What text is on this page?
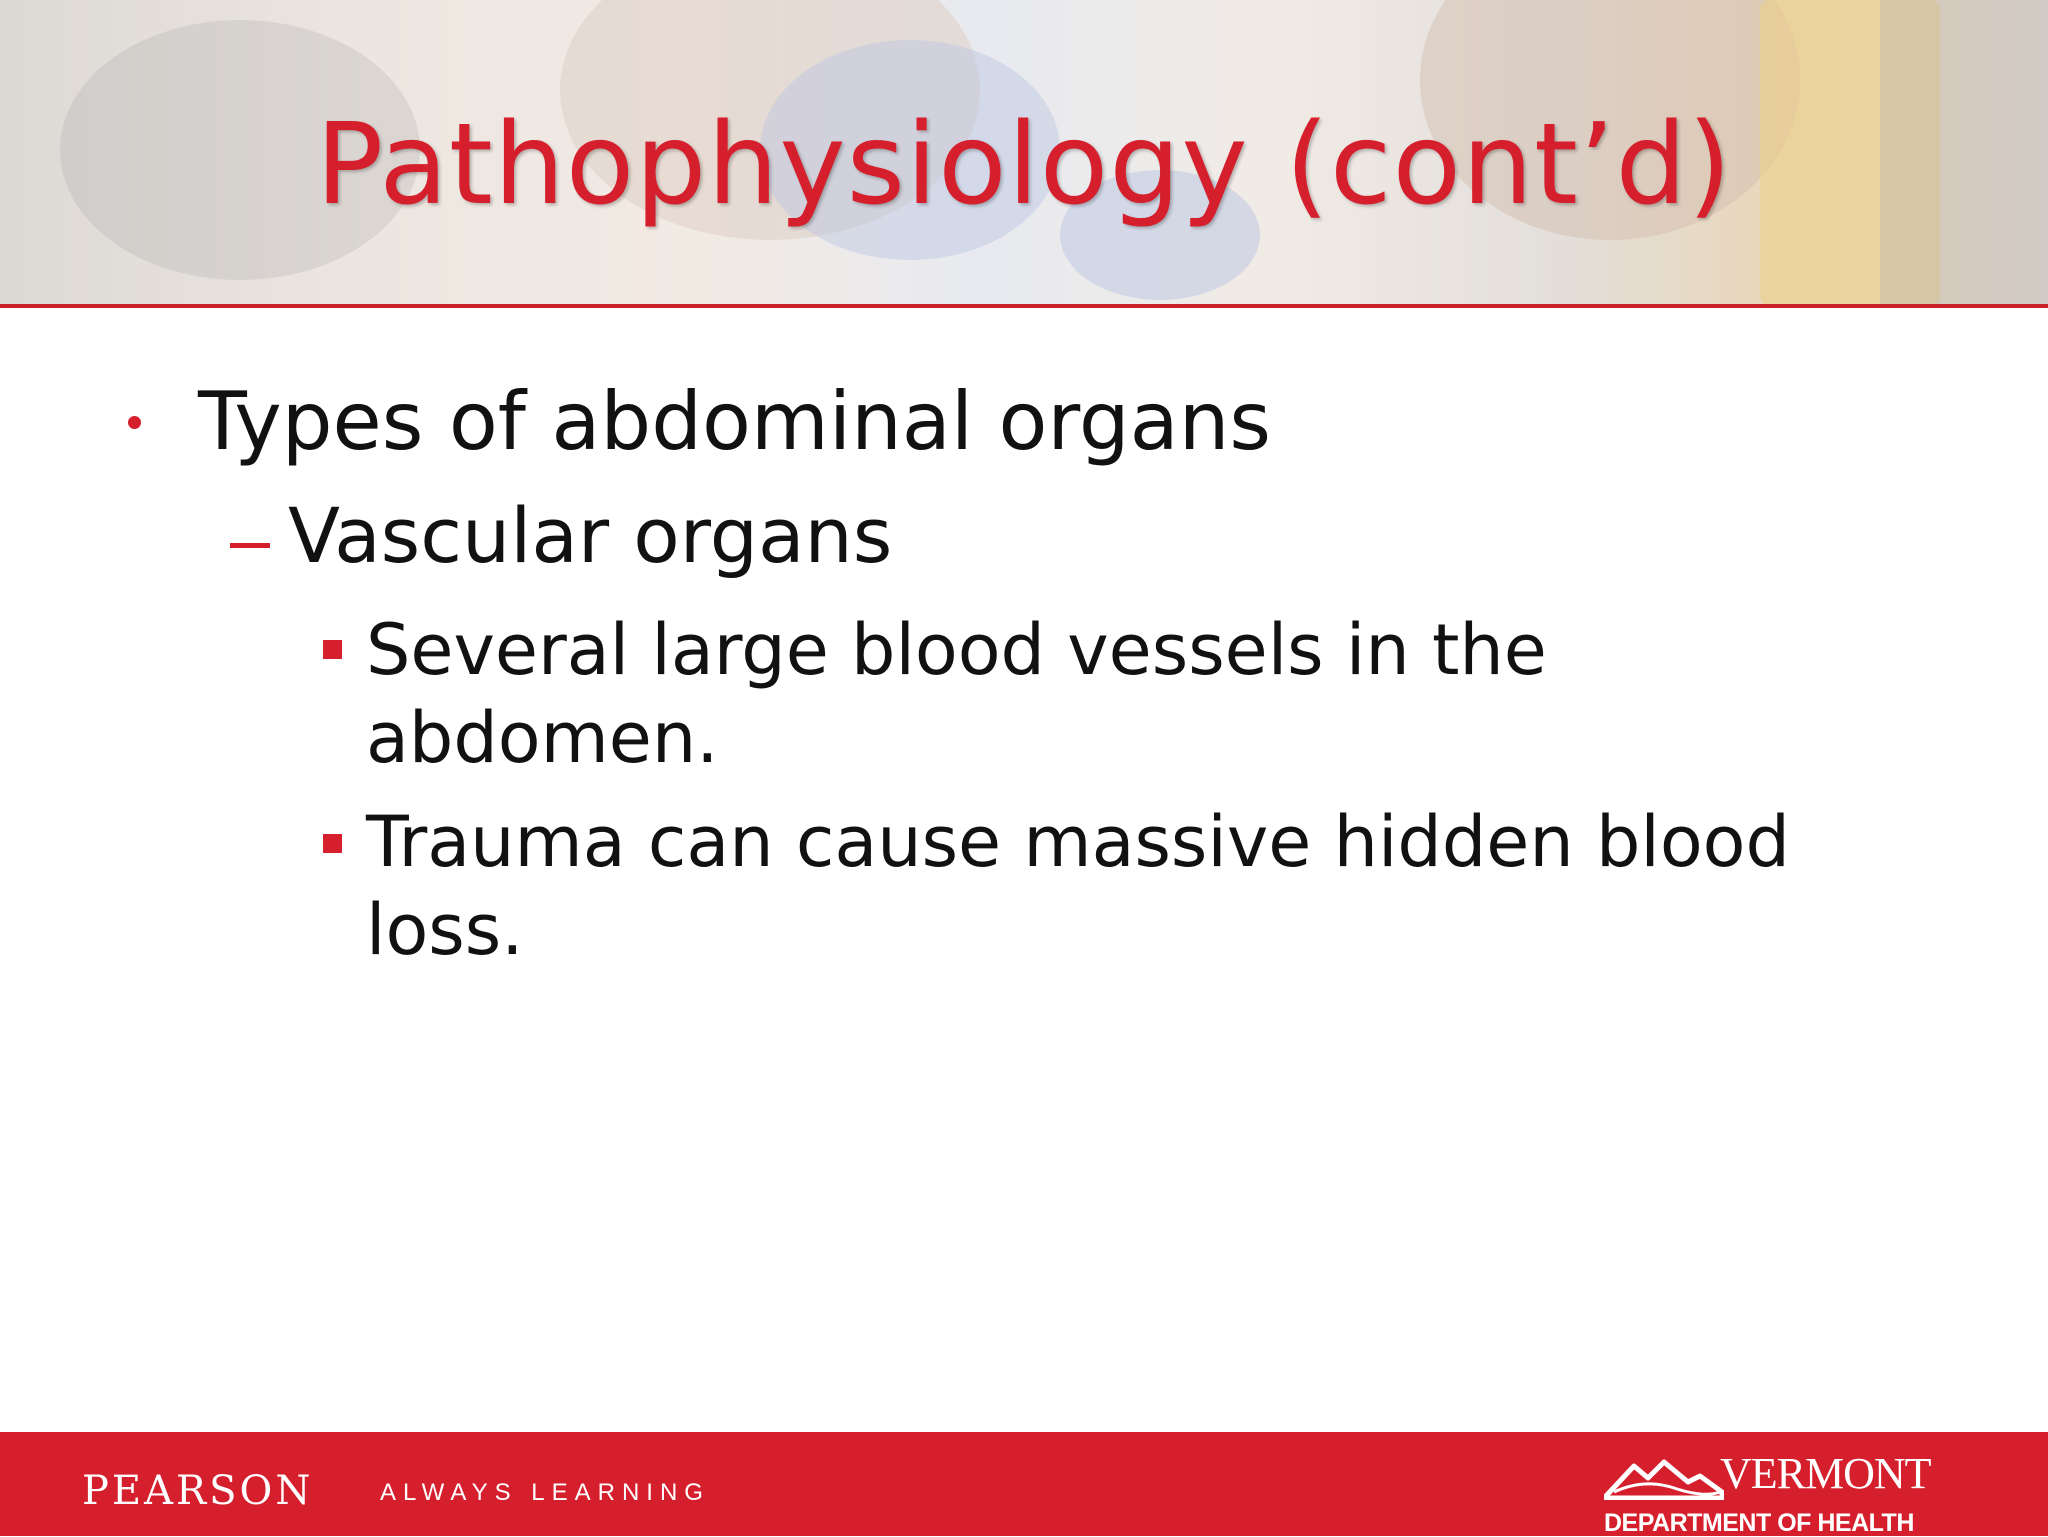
Pathophysiology (cont’d)
Types of abdominal organs
Vascular organs
Several large blood vessels in the abdomen.
Trauma can cause massive hidden blood loss.
PEARSON	ALWAYS LEARNING	VERMONT
DEPARTMENT OF HEALTH
